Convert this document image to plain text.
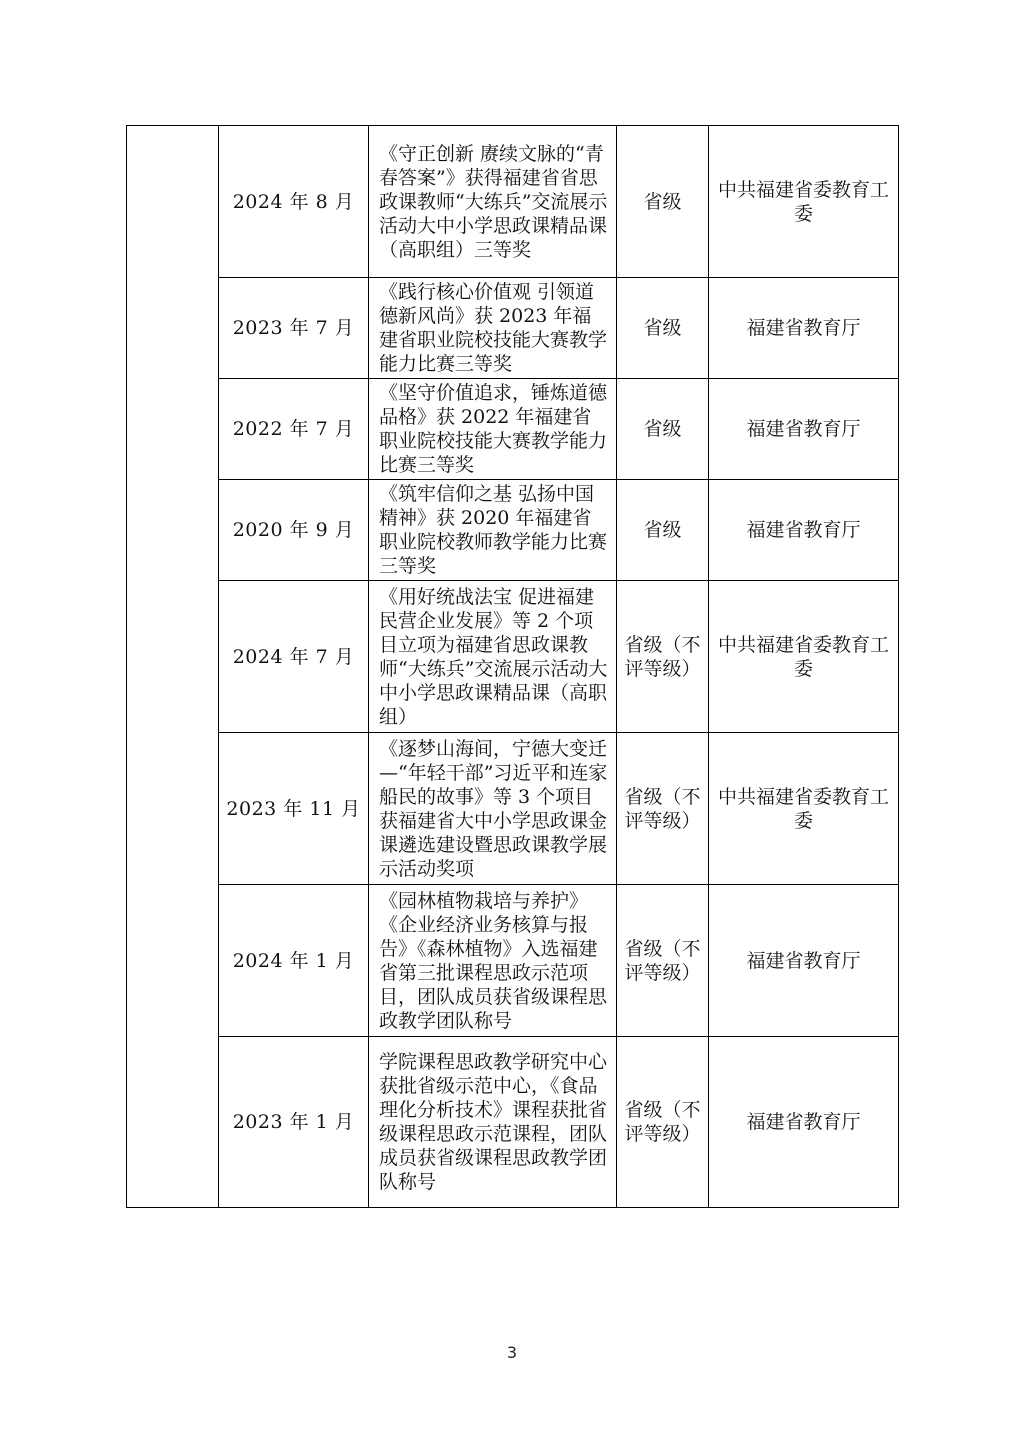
	2024 年 8 月	《守正创新 赓续文脉的“青春答案”》获得福建省省思政课教师“大练兵”交流展示活动大中小学思政课精品课（高职组）三等奖	省级	中共福建省委教育工委
	2023 年 7 月	《践行核心价值观 引领道德新风尚》获 2023 年福建省职业院校技能大赛教学能力比赛三等奖	省级	福建省教育厅
	2022 年 7 月	《坚守价值追求，锤炼道德品格》获 2022 年福建省职业院校技能大赛教学能力比赛三等奖	省级	福建省教育厅
	2020 年 9 月	《筑牢信仰之基 弘扬中国精神》获 2020 年福建省职业院校教师教学能力比赛三等奖	省级	福建省教育厅
	2024 年 7 月	《用好统战法宝 促进福建民营企业发展》等 2 个项目立项为福建省思政课教师“大练兵”交流展示活动大中小学思政课精品课（高职组）	省级（不评等级）	中共福建省委教育工委
	2023 年 11 月	《逐梦山海间，宁德大变迁—“年轻干部”习近平和连家船民的故事》等 3 个项目获福建省大中小学思政课金课遴选建设暨思政课教学展示活动奖项	省级（不评等级）	中共福建省委教育工委
	2024 年 1 月	《园林植物栽培与养护》《企业经济业务核算与报告》《森林植物》入选福建省第三批课程思政示范项目，团队成员获省级课程思政教学团队称号	省级（不评等级）	福建省教育厅
	2023 年 1 月	学院课程思政教学研究中心获批省级示范中心，《食品理化分析技术》课程获批省级课程思政示范课程，团队成员获省级课程思政教学团队称号	省级（不评等级）	福建省教育厅
3
